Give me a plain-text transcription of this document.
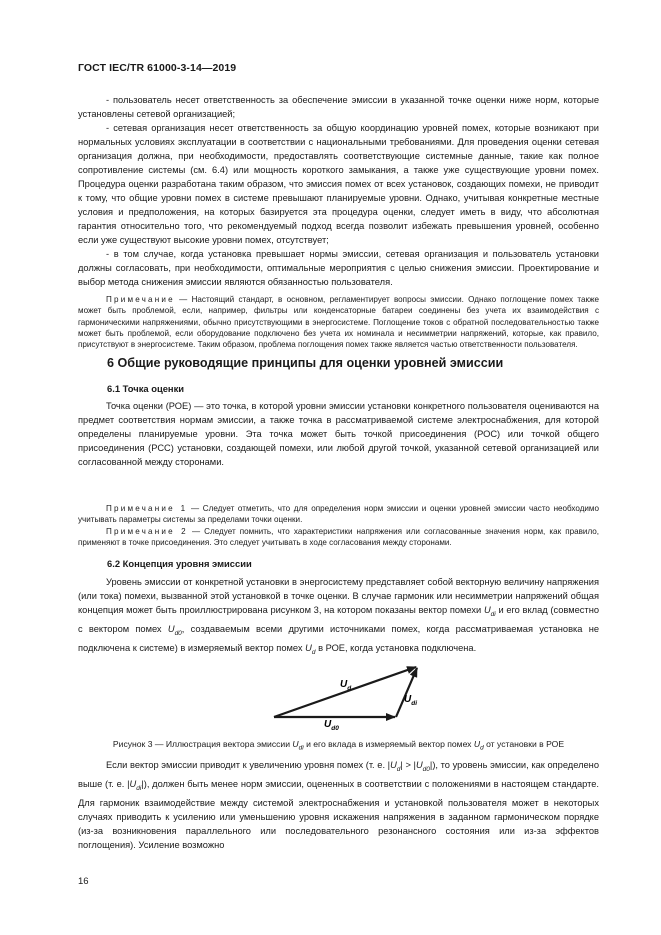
ГОСТ IEC/TR 61000-3-14—2019
- пользователь несет ответственность за обеспечение эмиссии в указанной точке оценки ниже норм, которые установлены сетевой организацией;
- сетевая организация несет ответственность за общую координацию уровней помех, которые возникают при нормальных условиях эксплуатации в соответствии с национальными требованиями. Для проведения оценки сетевая организация должна, при необходимости, предоставлять соответствующие системные данные, такие как полное сопротивление системы (см. 6.4) или мощность короткого замыкания, а также уже существующие уровни помех. Процедура оценки разработана таким образом, что эмиссия помех от всех установок, создающих помехи, не приводит к тому, что общие уровни помех в системе превышают планируемые уровни. Однако, учитывая конкретные местные условия и предположения, на которых базируется эта процедура оценки, следует иметь в виду, что абсолютная гарантия относительно того, что рекомендуемый подход всегда позволит избежать превышения уровней, особенно если уже существуют высокие уровни помех, отсутствует;
- в том случае, когда установка превышает нормы эмиссии, сетевая организация и пользователь установки должны согласовать, при необходимости, оптимальные мероприятия с целью снижения эмиссии. Проектирование и выбор метода снижения эмиссии являются обязанностью пользователя.
Примечание — Настоящий стандарт, в основном, регламентирует вопросы эмиссии. Однако поглощение помех также может быть проблемой, если, например, фильтры или конденсаторные батареи соединены без учета их взаимодействия с гармоническими напряжениями, обычно присутствующими в энергосистеме. Поглощение токов с обратной последовательностью также может быть проблемой, если оборудование подключено без учета их номинала и несимметрии напряжений, которые, как правило, присутствуют в энергосистеме. Таким образом, проблема поглощения помех также является частью ответственности пользователя.
6 Общие руководящие принципы для оценки уровней эмиссии
6.1 Точка оценки
Точка оценки (РОЕ) — это точка, в которой уровни эмиссии установки конкретного пользователя оцениваются на предмет соответствия нормам эмиссии, а также точка в рассматриваемой системе электроснабжения, для которой определены планируемые уровни. Эта точка может быть точкой присоединения (РОС) или точкой общего присоединения (РСС) установки, создающей помехи, или любой другой точкой, указанной сетевой организацией или согласованной между сторонами.
Примечание 1 — Следует отметить, что для определения норм эмиссии и оценки уровней эмиссии часто необходимо учитывать параметры системы за пределами точки оценки.
Примечание 2 — Следует помнить, что характеристики напряжения или согласованные значения норм, как правило, применяют в точке присоединения. Это следует учитывать в ходе согласования между сторонами.
6.2 Концепция уровня эмиссии
Уровень эмиссии от конкретной установки в энергосистему представляет собой векторную величину напряжения (или тока) помехи, вызванной этой установкой в точке оценки. В случае гармоник или несимметрии напряжений общая концепция может быть проиллюстрирована рисунком 3, на котором показаны вектор помехи $U_{di}$ и его вклад (совместно с вектором помех $U_{d0}$, создаваемым всеми другими источниками помех, когда рассматриваемая установка не подключена к системе) в измеряемый вектор помех $U_d$ в РОЕ, когда установка подключена.
$U_d$
$U_{di}$
$U_{d0}$
Рисунок 3 — Иллюстрация вектора эмиссии $U_{di}$ и его вклада в измеряемый вектор помех $U_d$ от установки в РОЕ
Если вектор эмиссии приводит к увеличению уровня помех (т. е. $|U_d| > |U_{d0}|$), то уровень эмиссии, как определено выше (т. е. $|U_{di}|$), должен быть менее норм эмиссии, оцененных в соответствии с положениями в настоящем стандарте. Для гармоник взаимодействие между системой электроснабжения и установкой пользователя может в некоторых случаях приводить к усилению или уменьшению уровня искажения напряжения в заданном гармоническом порядке (из-за возникновения параллельного или последовательного резонансного состояния или из-за эффектов поглощения). Усиление возможно
16
